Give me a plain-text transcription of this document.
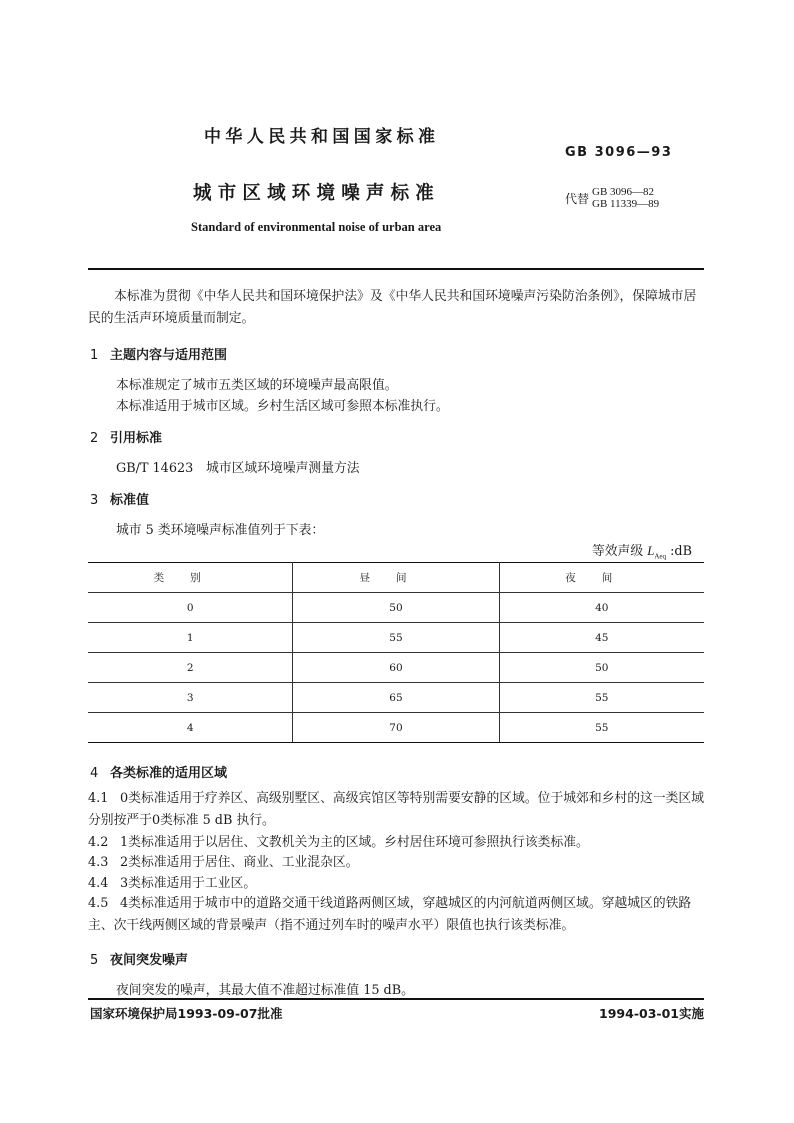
中华人民共和国国家标准
GB 3096—93
城市区域环境噪声标准	代替 GB 3096—82
GB 11339—89
Standard of environmental noise of urban area
本标准为贯彻《中华人民共和国环境保护法》及《中华人民共和国环境噪声污染防治条例》，保障城市居民的生活声环境质量而制定。
1 主题内容与适用范围
本标准规定了城市五类区域的环境噪声最高限值。
本标准适用于城市区域。乡村生活区域可参照本标准执行。
2 引用标准
GB/T 14623　城市区域环境噪声测量方法
3 标准值
城市 5 类环境噪声标准值列于下表：
等效声级 $L_{Aeq}$ :dB
类别	昼间	夜间
0	50	40
1	55	45
2	60	50
3	65	55
4	70	55
4 各类标准的适用区域
4.1 0类标准适用于疗养区、高级别墅区、高级宾馆区等特别需要安静的区域。位于城郊和乡村的这一类区域分别按严于0类标准 5 dB 执行。
4.2 1类标准适用于以居住、文教机关为主的区域。乡村居住环境可参照执行该类标准。
4.3 2类标准适用于居住、商业、工业混杂区。
4.4 3类标准适用于工业区。
4.5 4类标准适用于城市中的道路交通干线道路两侧区域，穿越城区的内河航道两侧区域。穿越城区的铁路主、次干线两侧区域的背景噪声（指不通过列车时的噪声水平）限值也执行该类标准。
5 夜间突发噪声
夜间突发的噪声，其最大值不准超过标准值 15 dB。
国家环境保护局1993-09-07批准	1994-03-01实施
